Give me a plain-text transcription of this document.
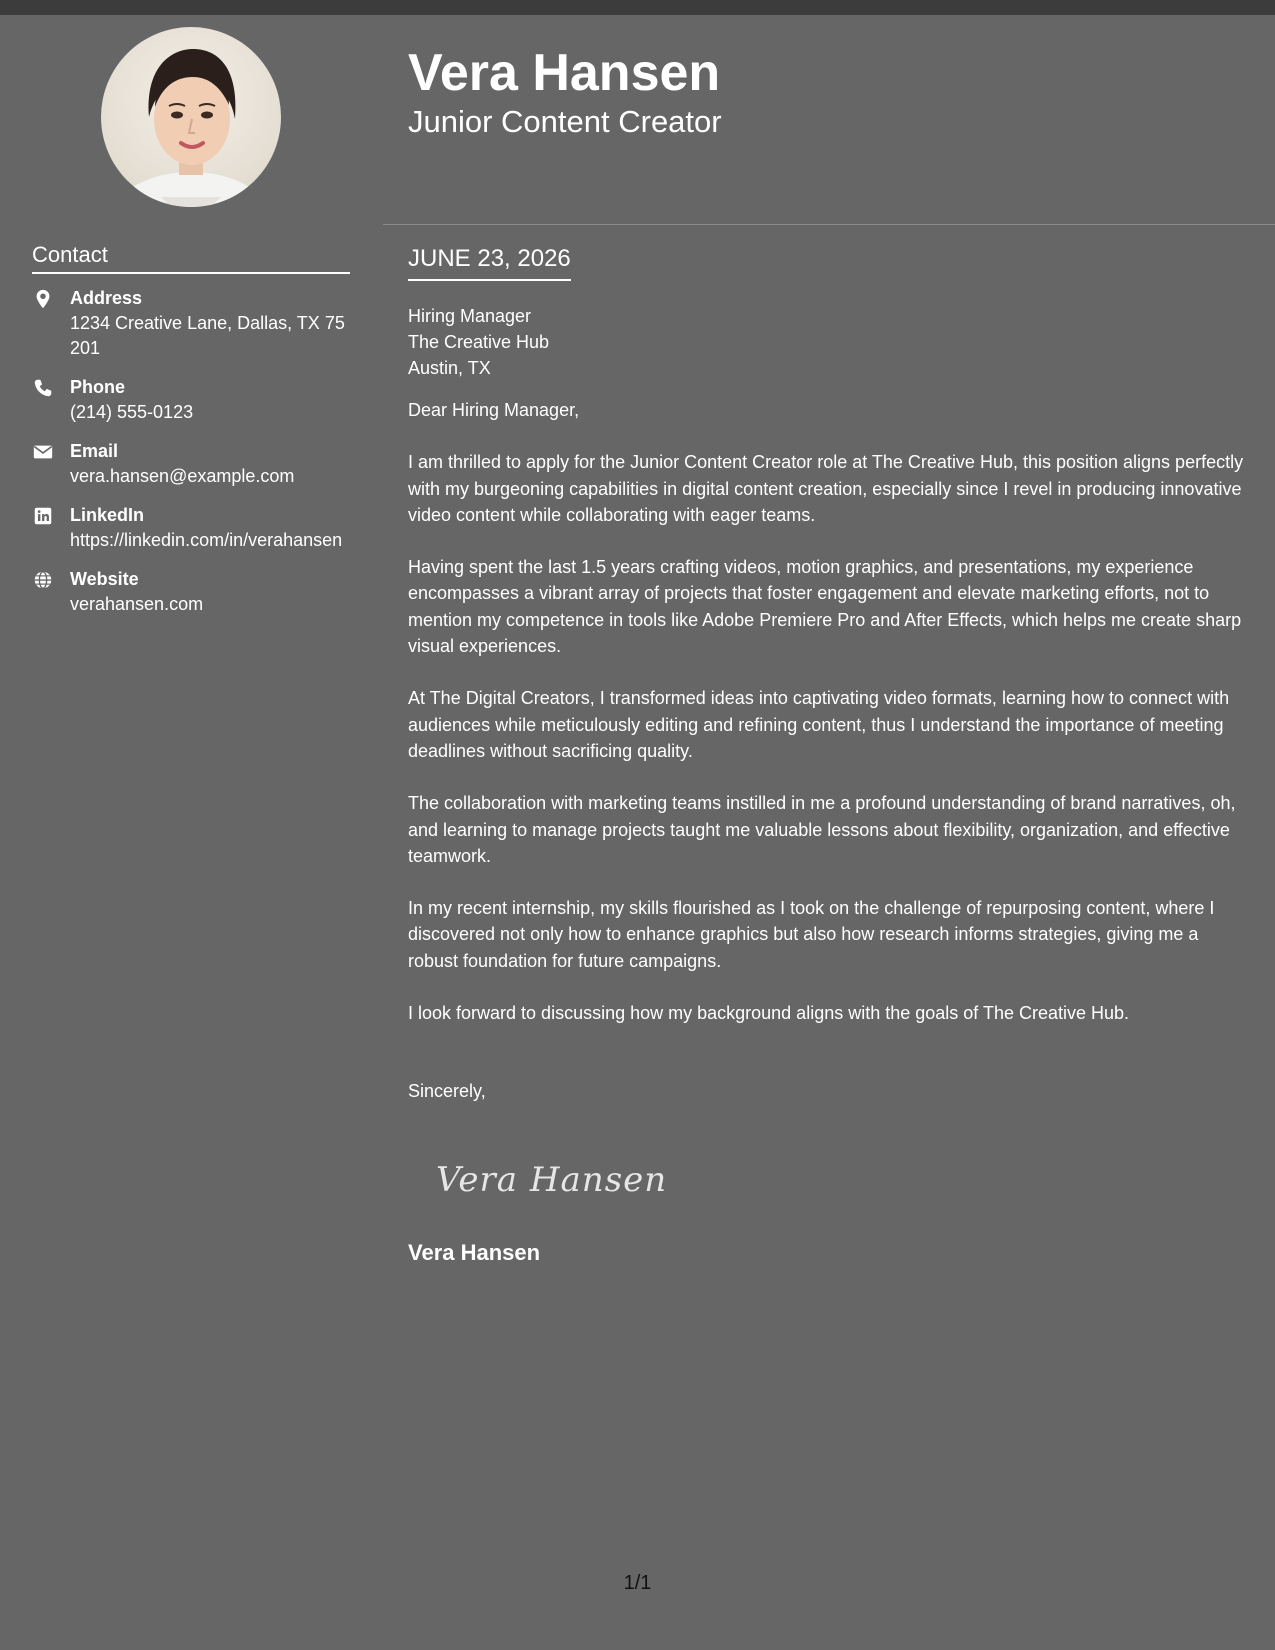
Contact
Address
1234 Creative Lane, Dallas, TX 75201
Phone
(214) 555-0123
Email
vera.hansen@example.com
LinkedIn
https://linkedin.com/in/verahansen
Website
verahansen.com
Vera Hansen
Junior Content Creator
JUNE 23, 2026
Hiring Manager
The Creative Hub
Austin, TX
Dear Hiring Manager,
I am thrilled to apply for the Junior Content Creator role at The Creative Hub, this position aligns perfectly with my burgeoning capabilities in digital content creation, especially since I revel in producing innovative video content while collaborating with eager teams.
Having spent the last 1.5 years crafting videos, motion graphics, and presentations, my experience encompasses a vibrant array of projects that foster engagement and elevate marketing efforts, not to mention my competence in tools like Adobe Premiere Pro and After Effects, which helps me create sharp visual experiences.
At The Digital Creators, I transformed ideas into captivating video formats, learning how to connect with audiences while meticulously editing and refining content, thus I understand the importance of meeting deadlines without sacrificing quality.
The collaboration with marketing teams instilled in me a profound understanding of brand narratives, oh, and learning to manage projects taught me valuable lessons about flexibility, organization, and effective teamwork.
In my recent internship, my skills flourished as I took on the challenge of repurposing content, where I discovered not only how to enhance graphics but also how research informs strategies, giving me a robust foundation for future campaigns.
I look forward to discussing how my background aligns with the goals of The Creative Hub.
Sincerely,
Vera Hansen
Vera Hansen
1/1
